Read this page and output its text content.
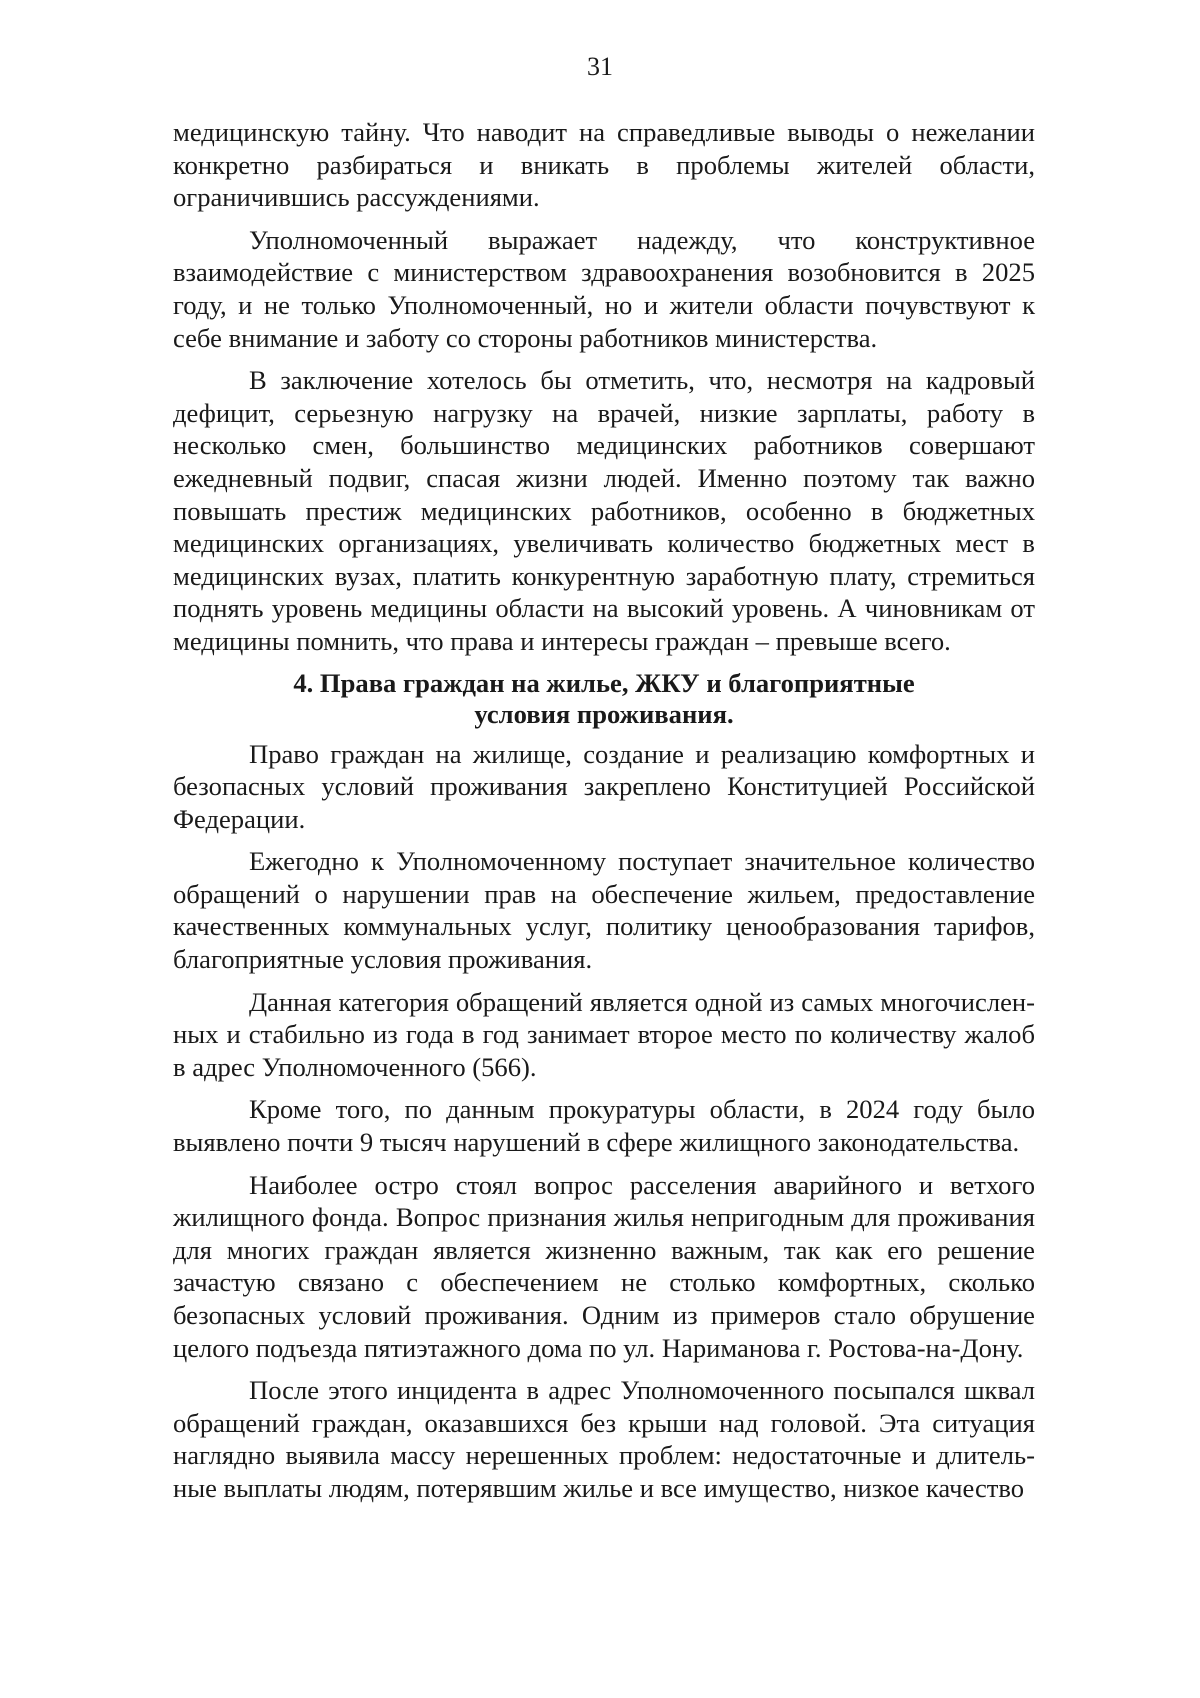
31

медицинскую тайну. Что наводит на справедливые выводы о нежелании конкретно разбираться и вникать в проблемы жителей области, ограничившись рассуждениями.

Уполномоченный выражает надежду, что конструктивное взаимодействие с министерством здравоохранения возобновится в 2025 году, и не только Уполномоченный, но и жители области почувствуют к себе внимание и заботу со стороны работников министерства.

В заключение хотелось бы отметить, что, несмотря на кадровый дефицит, серьезную нагрузку на врачей, низкие зарплаты, работу в несколько смен, большинство медицинских работников совершают ежедневный подвиг, спасая жизни людей. Именно поэтому так важно повышать престиж медицинских работников, особенно в бюджетных медицинских организациях, увеличивать количество бюджетных мест в медицинских вузах, платить конкурентную заработную плату, стремиться поднять уровень медицины области на высокий уровень. А чиновникам от медицины помнить, что права и интересы граждан – превыше всего.

4. Права граждан на жилье, ЖКУ и благоприятные
условия проживания.

Право граждан на жилище, создание и реализацию комфортных и безопасных условий проживания закреплено Конституцией Российской Федерации.

Ежегодно к Уполномоченному поступает значительное количество обращений о нарушении прав на обеспечение жильем, предоставление качественных коммунальных услуг, политику ценообразования тарифов, благоприятные условия проживания.

Данная категория обращений является одной из самых многочисленных и стабильно из года в год занимает второе место по количеству жалоб в адрес Уполномоченного (566).

Кроме того, по данным прокуратуры области, в 2024 году было выявлено почти 9 тысяч нарушений в сфере жилищного законодательства.

Наиболее остро стоял вопрос расселения аварийного и ветхого жилищного фонда. Вопрос признания жилья непригодным для проживания для многих граждан является жизненно важным, так как его решение зачастую связано с обеспечением не столько комфортных, сколько безопасных условий проживания. Одним из примеров стало обрушение целого подъезда пятиэтажного дома по ул. Нариманова г. Ростова-на-Дону.

После этого инцидента в адрес Уполномоченного посыпался шквал обращений граждан, оказавшихся без крыши над головой. Эта ситуация наглядно выявила массу нерешенных проблем: недостаточные и длительные выплаты людям, потерявшим жилье и все имущество, низкое качество
